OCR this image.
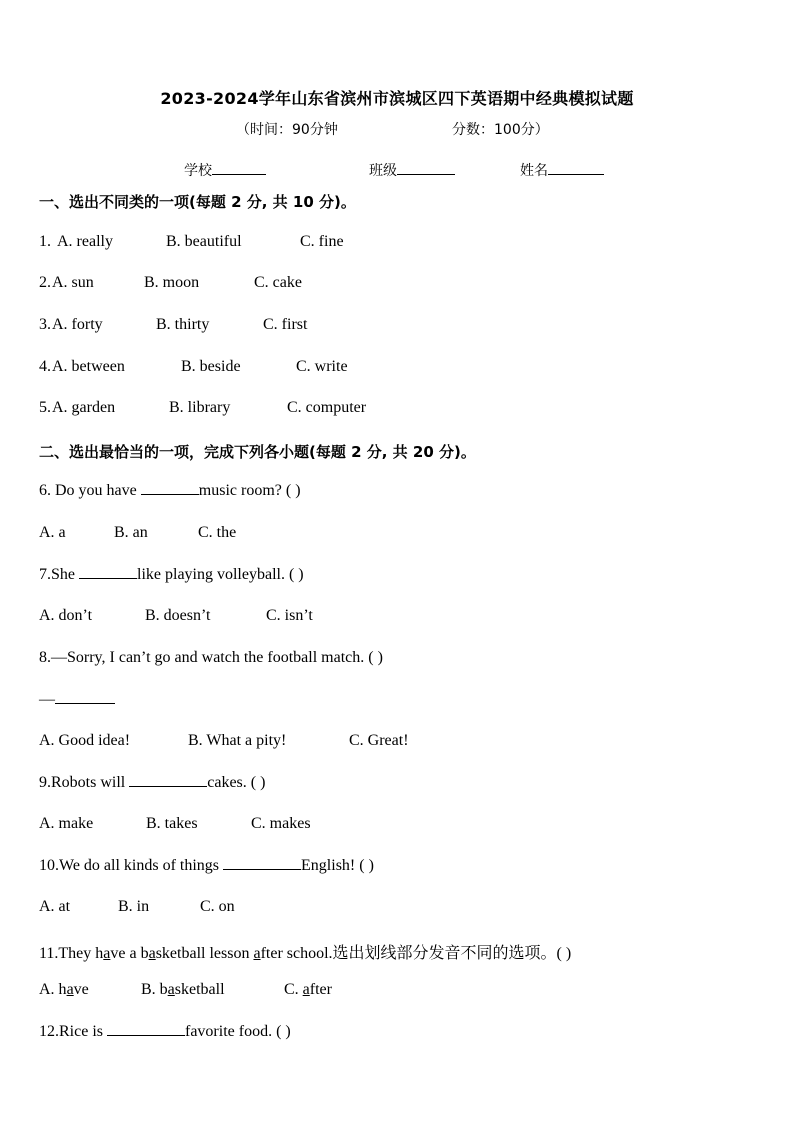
2023-2024学年山东省滨州市滨城区四下英语期中经典模拟试题
（时间：90分钟	分数：100分）
学校	班级	姓名
一、选出不同类的一项(每题 2 分, 共 10 分)。
1. A. really	B. beautiful	C. fine
2. A. sun	B. moon	C. cake
3. A. forty	B. thirty	C. first
4. A. between	B. beside	C. write
5. A. garden	B. library	C. computer
二、选出最恰当的一项，完成下列各小题(每题 2 分, 共 20 分)。
6. Do you have	music room? ( )
A. a	B. an	C. the
7.She	like playing volleyball. ( )
A. don’t	B. doesn’t	C. isn’t
8.—Sorry, I can’t go and watch the football match. ( )
—
A. Good idea!	B. What a pity!	C. Great!
9.Robots will	cakes. ( )
A. make	B. takes	C. makes
10.We do all kinds of things	English! ( )
A. at	B. in	C. on
11.They have a basketball lesson after school.选出划线部分发音不同的选项。( )
A. have	B. basketball	C. after
12.Rice is	favorite food. ( )
